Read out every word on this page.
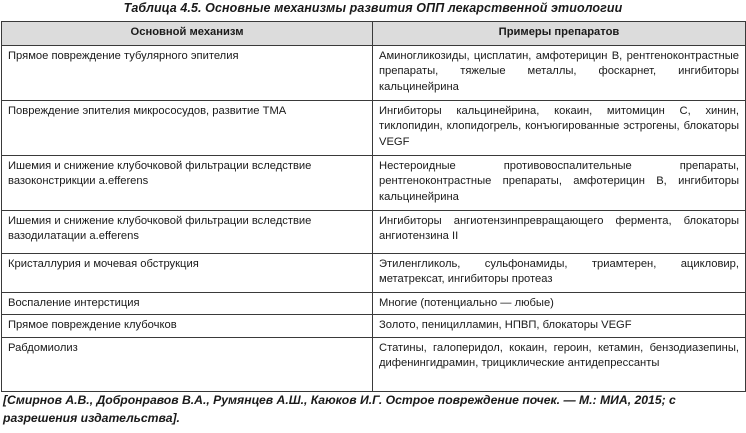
Таблица 4.5. Основные механизмы развития ОПП лекарственной этиологии
Основной механизм	Примеры препаратов
Прямое повреждение тубулярного эпителия	Аминогликозиды, цисплатин, амфотерицин B, рентгеноконтрастные препараты, тяжелые металлы, фоскарнет, ингибиторы кальцинейрина
Повреждение эпителия микрососудов, развитие ТМА	Ингибиторы кальцинейрина, кокаин, митомицин C, хинин, тиклопидин, клопидогрель, конъюгированные эстрогены, блокаторы VEGF
Ишемия и снижение клубочковой фильтрации вследствие вазоконстрикции a.efferens	Нестероидные противовоспалительные препараты, рентгеноконтрастные препараты, амфотерицин B, ингибиторы кальцинейрина
Ишемия и снижение клубочковой фильтрации вследствие вазодилатации a.efferens	Ингибиторы ангиотензинпревращающего фермента, блокаторы ангиотензина II
Кристаллурия и мочевая обструкция	Этиленгликоль, сульфонамиды, триамтерен, ацикловир, метатрексат, ингибиторы протеаз
Воспаление интерстиция	Многие (потенциально — любые)
Прямое повреждение клубочков	Золото, пеницилламин, НПВП, блокаторы VEGF
Рабдомиолиз	Статины, галоперидол, кокаин, героин, кетамин, бензодиазепины, дифенингидрамин, трициклические антидепрессанты
[Смирнов А.В., Добронравов В.А., Румянцев А.Ш., Каюков И.Г. Острое повреждение почек. — М.: МИА, 2015; с разрешения издательства].
